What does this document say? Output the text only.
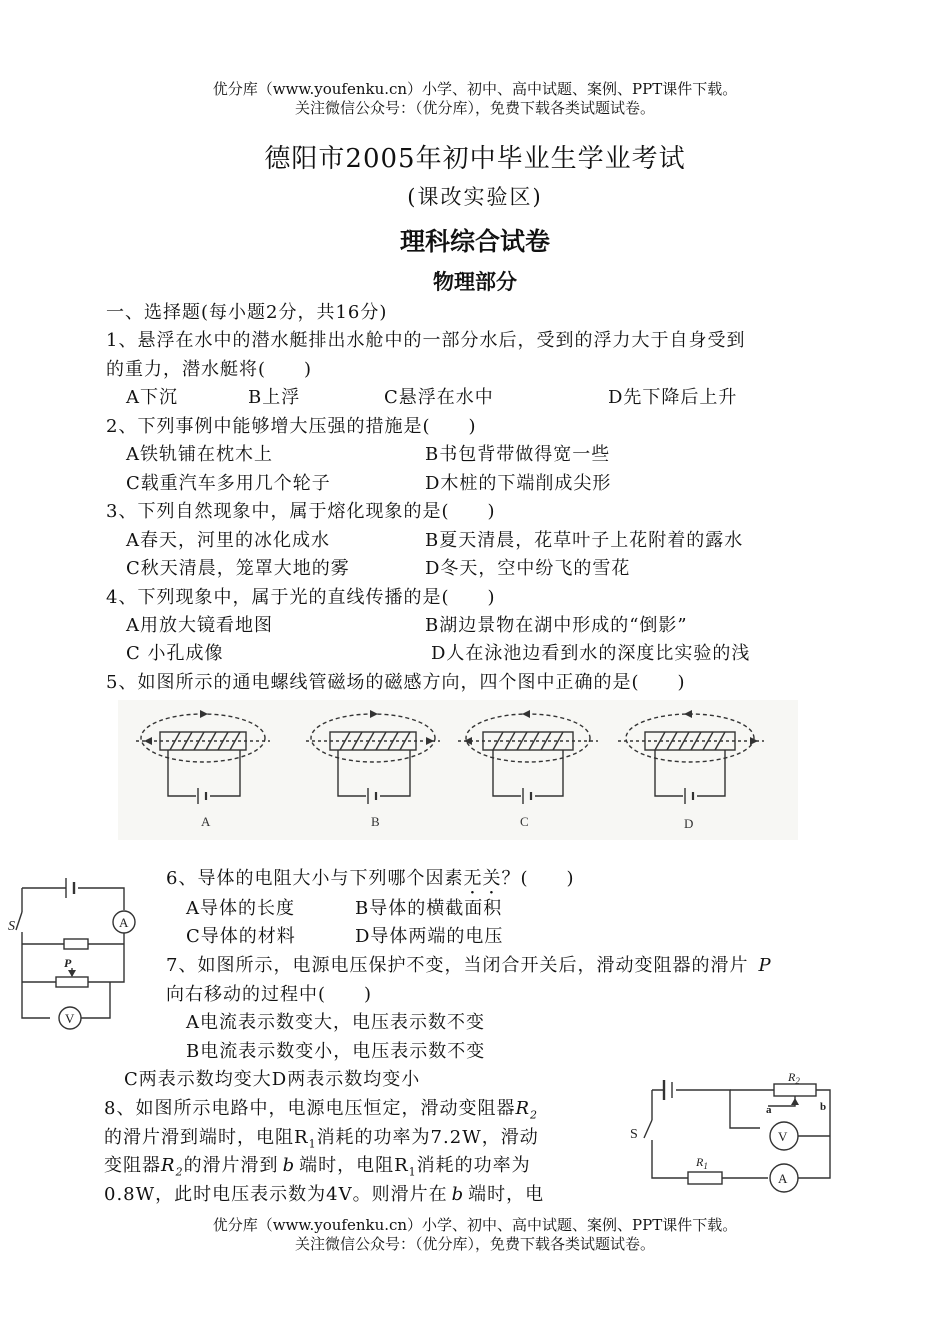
优分库（www.youfenku.cn）小学、初中、高中试题、案例、PPT课件下载。
关注微信公众号：（优分库），免费下载各类试题试卷。
德阳市2005年初中毕业生学业考试
(课改实验区)
理科综合试卷
物理部分
一、选择题(每小题2分，共16分)
1、悬浮在水中的潜水艇排出水舱中的一部分水后，受到的浮力大于自身受到
的重力，潜水艇将(　　)
A下沉	B上浮	C悬浮在水中	D先下降后上升
2、下列事例中能够增大压强的措施是(　　)
A铁轨铺在枕木上	B书包背带做得宽一些
C载重汽车多用几个轮子	D木桩的下端削成尖形
3、下列自然现象中，属于熔化现象的是(　　)
A春天，河里的冰化成水	B夏天清晨，花草叶子上花附着的露水
C秋天清晨，笼罩大地的雾	D冬天，空中纷飞的雪花
4、下列现象中，属于光的直线传播的是(　　)
A用放大镜看地图	B湖边景物在湖中形成的“倒影”
C 小孔成像	D人在泳池边看到水的深度比实验的浅
5、如图所示的通电螺线管磁场的磁感方向，四个图中正确的是(　　)
A	B	C	D
S	A
P
V
6、导体的电阻大小与下列哪个因素无关？(　　)
A导体的长度	B导体的横截面积
C导体的材料	D导体两端的电压
7、如图所示，电源电压保护不变，当闭合开关后，滑动变阻器的滑片 P
向右移动的过程中(　　)
A电流表示数变大，电压表示数不变
B电流表示数变小，电压表示数不变
C两表示数均变大D两表示数均变小
8、如图所示电路中，电源电压恒定，滑动变阻器$R_2$
的滑片滑到端时，电阻$R_1$消耗的功率为7.2W，滑动
变阻器$R_2$的滑片滑到 b 端时，电阻$R_1$消耗的功率为
0.8W，此时电压表示数为4V。则滑片在 b 端时，电
$R_2$
a	b
S
$R_1$
V
A
优分库（www.youfenku.cn）小学、初中、高中试题、案例、PPT课件下载。
关注微信公众号：（优分库），免费下载各类试题试卷。
